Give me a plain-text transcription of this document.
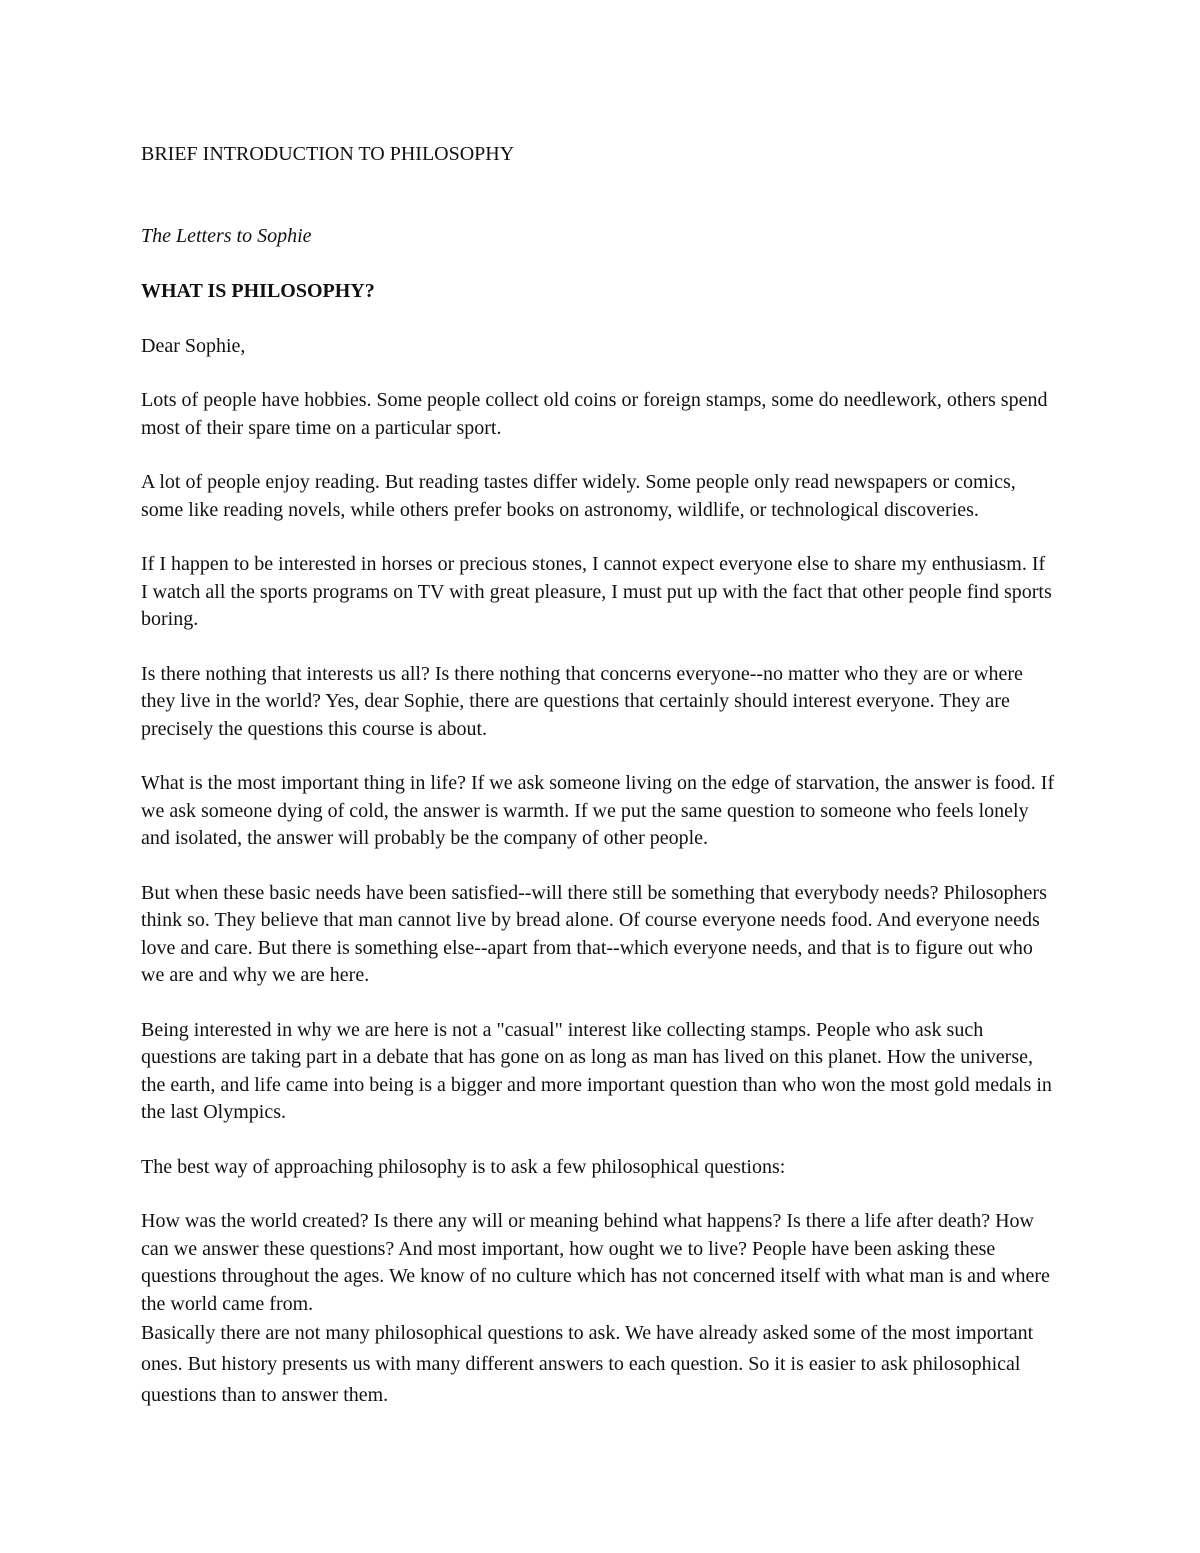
BRIEF INTRODUCTION TO PHILOSOPHY

The Letters to Sophie

WHAT IS PHILOSOPHY?

Dear Sophie,

Lots of people have hobbies. Some people collect old coins or foreign stamps, some do needlework, others spend most of their spare time on a particular sport.

A lot of people enjoy reading. But reading tastes differ widely. Some people only read newspapers or comics, some like reading novels, while others prefer books on astronomy, wildlife, or technological discoveries.

If I happen to be interested in horses or precious stones, I cannot expect everyone else to share my enthusiasm. If I watch all the sports programs on TV with great pleasure, I must put up with the fact that other people find sports boring.

Is there nothing that interests us all? Is there nothing that concerns everyone--no matter who they are or where they live in the world? Yes, dear Sophie, there are questions that certainly should interest everyone. They are precisely the questions this course is about.

What is the most important thing in life? If we ask someone living on the edge of starvation, the answer is food. If we ask someone dying of cold, the answer is warmth. If we put the same question to someone who feels lonely and isolated, the answer will probably be the company of other people.

But when these basic needs have been satisfied--will there still be something that everybody needs? Philosophers think so. They believe that man cannot live by bread alone. Of course everyone needs food. And everyone needs love and care. But there is something else--apart from that--which everyone needs, and that is to figure out who we are and why we are here.

Being interested in why we are here is not a "casual" interest like collecting stamps. People who ask such questions are taking part in a debate that has gone on as long as man has lived on this planet. How the universe, the earth, and life came into being is a bigger and more important question than who won the most gold medals in the last Olympics.

The best way of approaching philosophy is to ask a few philosophical questions:

How was the world created? Is there any will or meaning behind what happens? Is there a life after death? How can we answer these questions? And most important, how ought we to live? People have been asking these questions throughout the ages. We know of no culture which has not concerned itself with what man is and where the world came from.

Basically there are not many philosophical questions to ask. We have already asked some of the most important ones. But history presents us with many different answers to each question. So it is easier to ask philosophical questions than to answer them.
